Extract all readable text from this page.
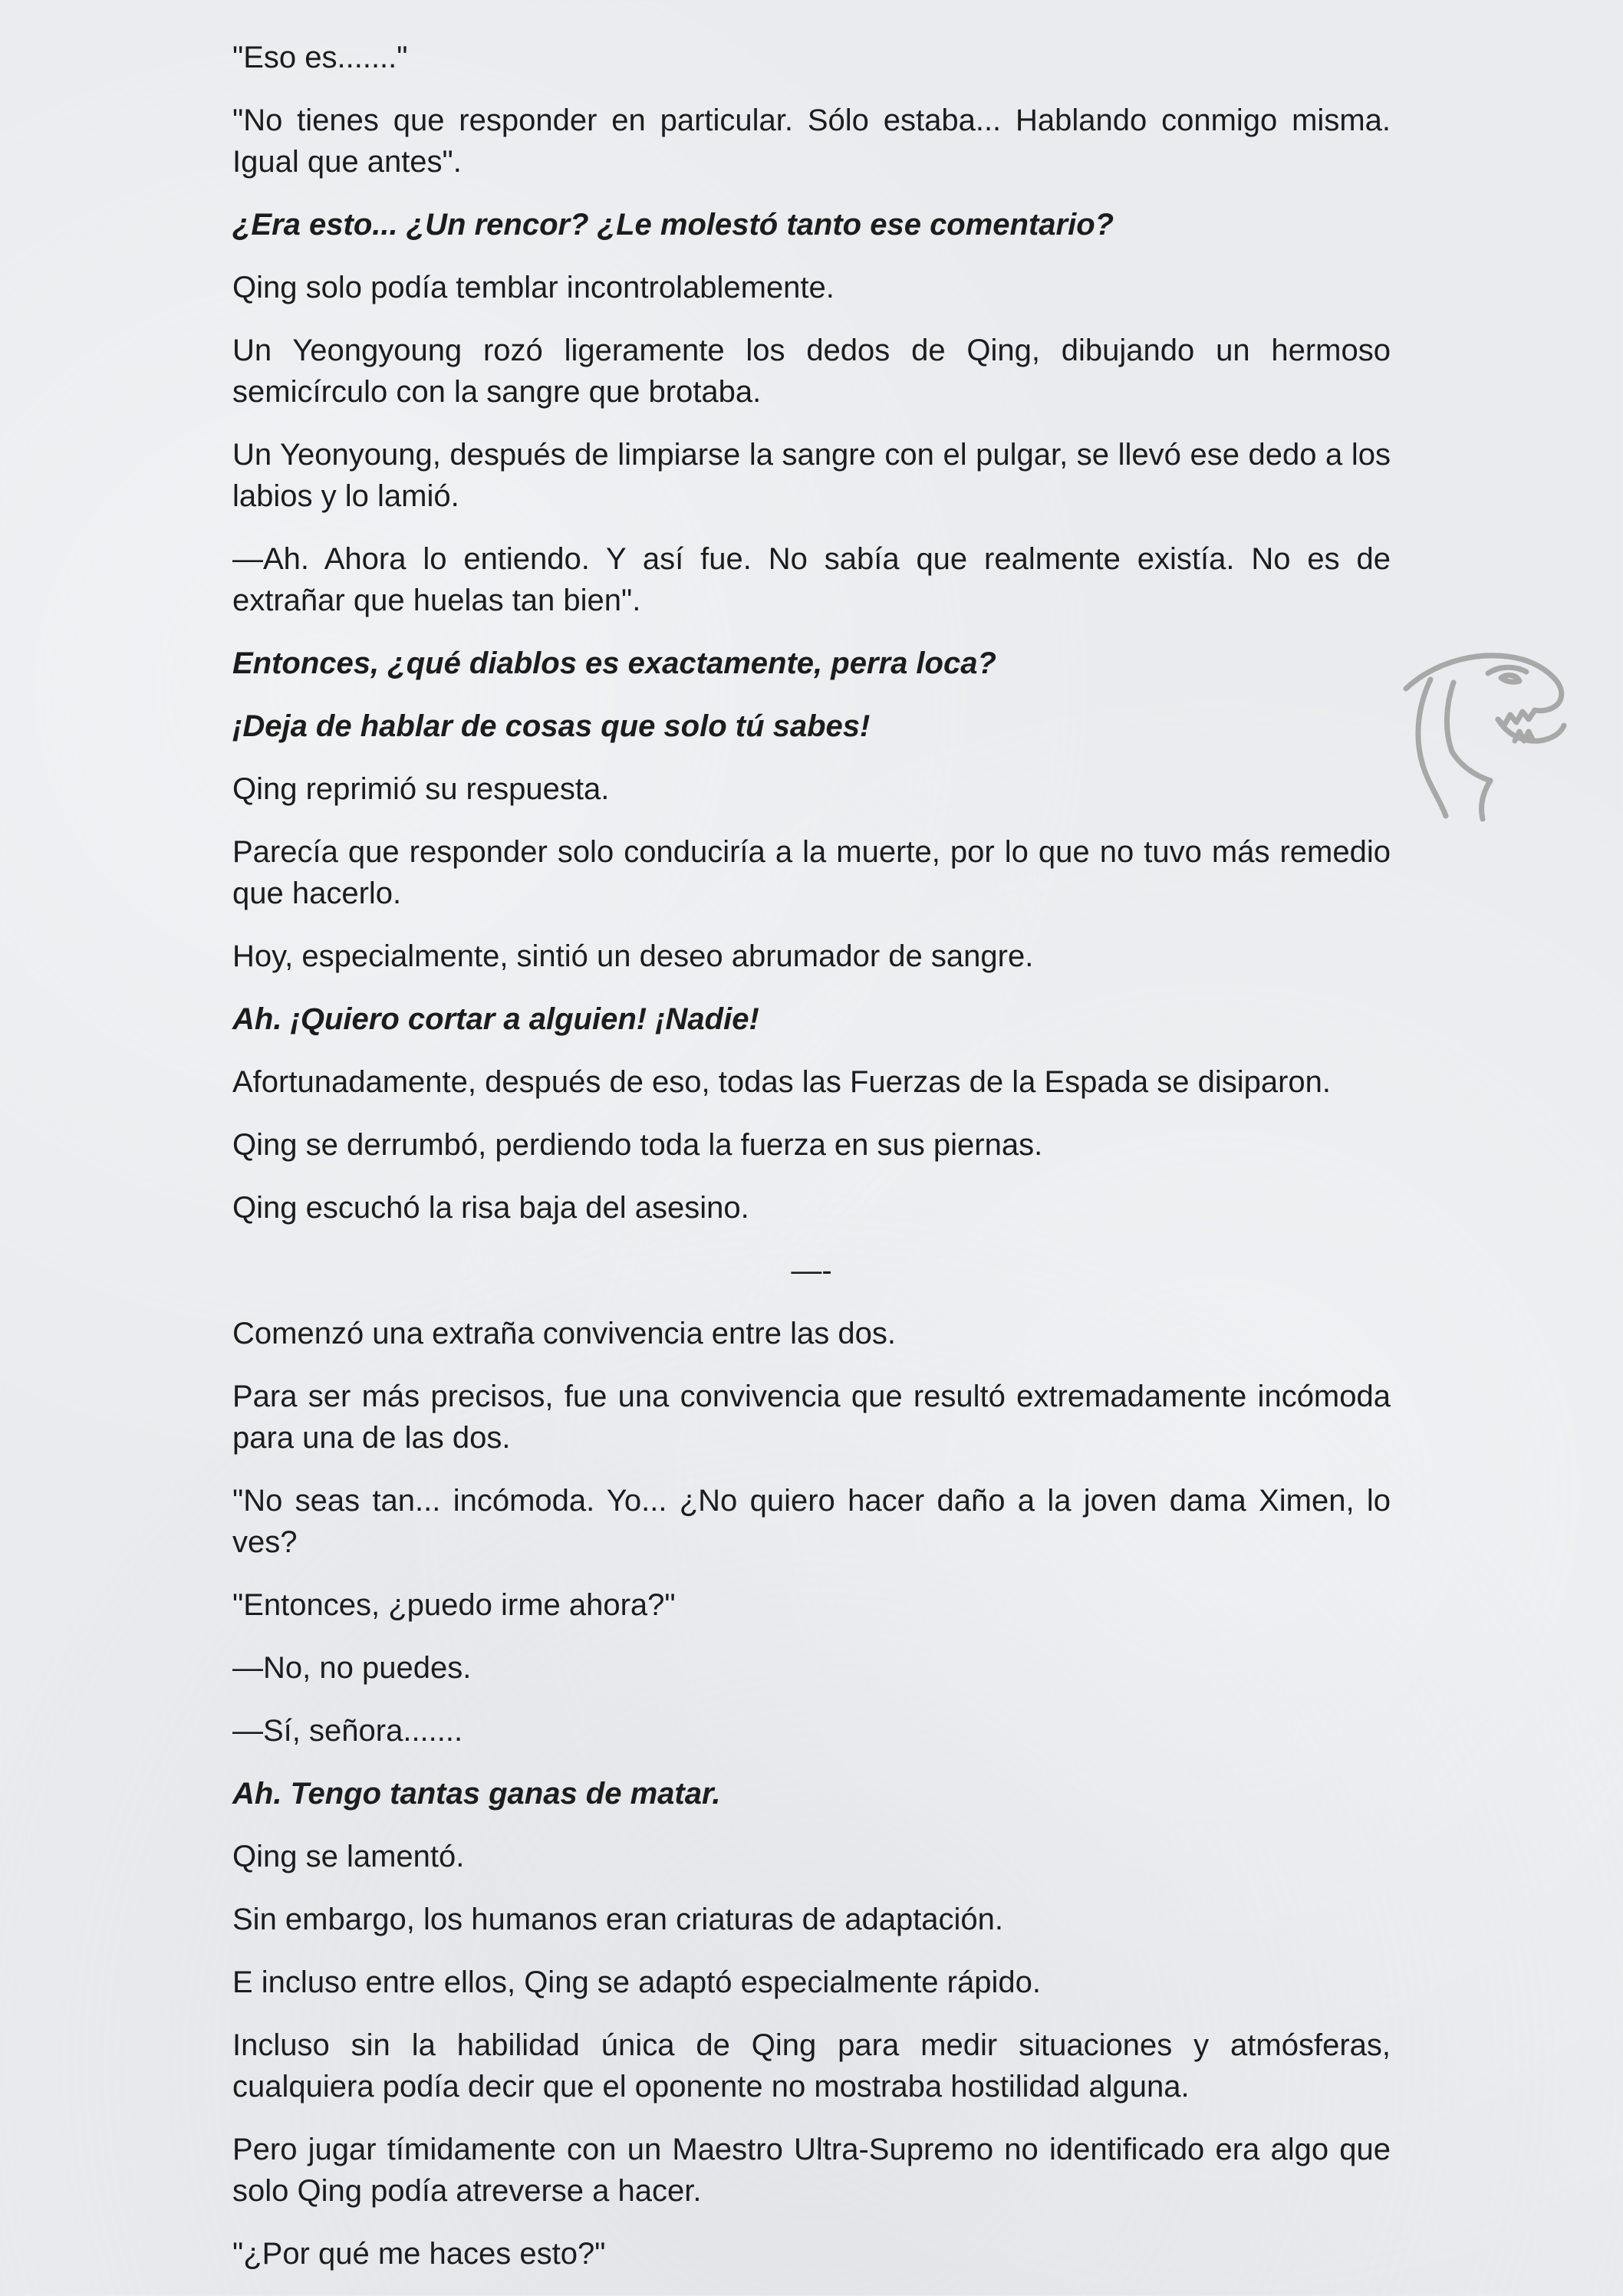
"Eso es......."

"No tienes que responder en particular. Sólo estaba... Hablando conmigo misma. Igual que antes".

¿Era esto... ¿Un rencor? ¿Le molestó tanto ese comentario?

Qing solo podía temblar incontrolablemente.

Un Yeongyoung rozó ligeramente los dedos de Qing, dibujando un hermoso semicírculo con la sangre que brotaba.

Un Yeonyoung, después de limpiarse la sangre con el pulgar, se llevó ese dedo a los labios y lo lamió.

—Ah. Ahora lo entiendo. Y así fue. No sabía que realmente existía. No es de extrañar que huelas tan bien".

Entonces, ¿qué diablos es exactamente, perra loca?

¡Deja de hablar de cosas que solo tú sabes!

Qing reprimió su respuesta.

Parecía que responder solo conduciría a la muerte, por lo que no tuvo más remedio que hacerlo.

Hoy, especialmente, sintió un deseo abrumador de sangre.

Ah. ¡Quiero cortar a alguien! ¡Nadie!

Afortunadamente, después de eso, todas las Fuerzas de la Espada se disiparon.

Qing se derrumbó, perdiendo toda la fuerza en sus piernas.

Qing escuchó la risa baja del asesino.

—-

Comenzó una extraña convivencia entre las dos.

Para ser más precisos, fue una convivencia que resultó extremadamente incómoda para una de las dos.

"No seas tan... incómoda. Yo... ¿No quiero hacer daño a la joven dama Ximen, lo ves?

"Entonces, ¿puedo irme ahora?"

—No, no puedes.

—Sí, señora.......

Ah. Tengo tantas ganas de matar.

Qing se lamentó.

Sin embargo, los humanos eran criaturas de adaptación.

E incluso entre ellos, Qing se adaptó especialmente rápido.

Incluso sin la habilidad única de Qing para medir situaciones y atmósferas, cualquiera podía decir que el oponente no mostraba hostilidad alguna.

Pero jugar tímidamente con un Maestro Ultra-Supremo no identificado era algo que solo Qing podía atreverse a hacer.

"¿Por qué me haces esto?"
